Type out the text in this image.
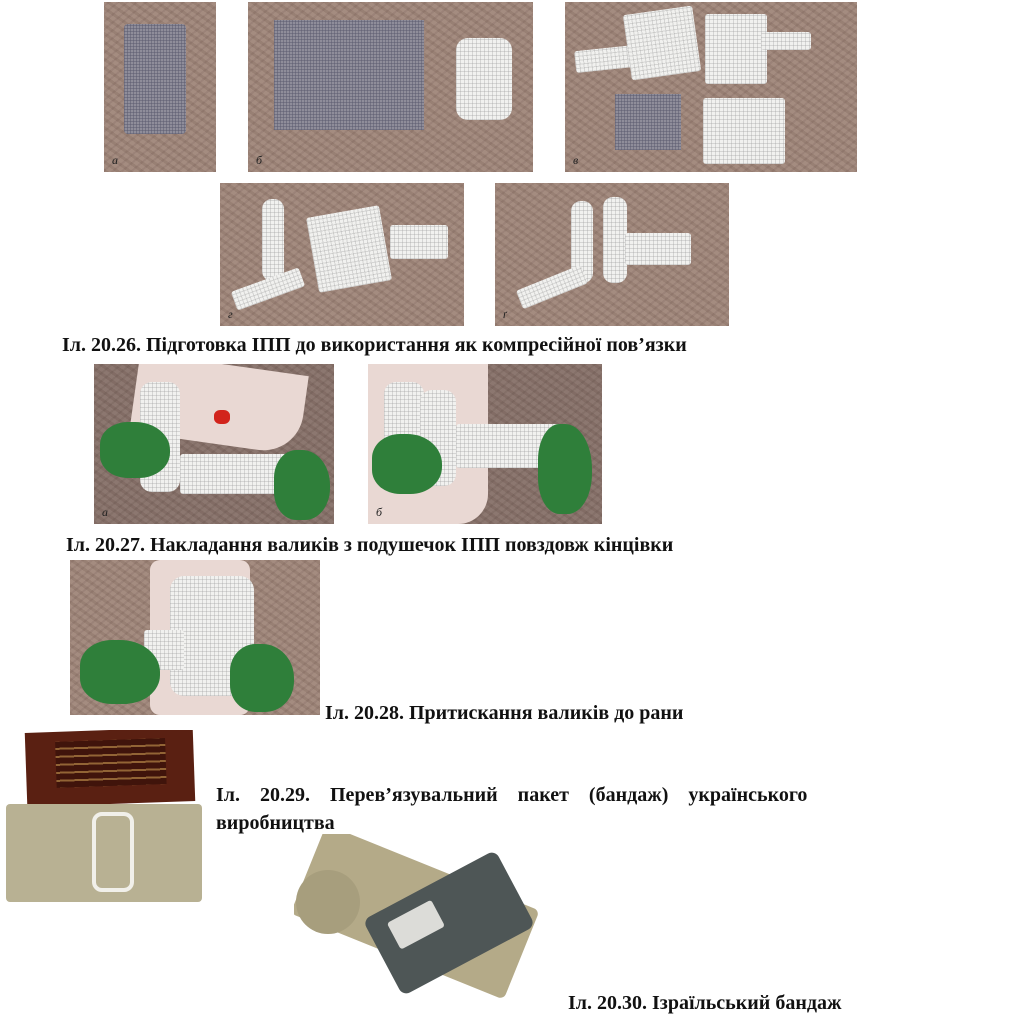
а	б	в
г	ґ
Іл. 20.26. Підготовка ІПП до використання як компресійної пов’язки
а	б
Іл. 20.27. Накладання валиків з подушечок ІПП повздовж кінцівки
Іл. 20.28. Притискання валиків до рани
Іл.    20.29.    Перев’язувальний    пакет    (бандаж)    українського
виробництва
Іл. 20.30. Ізраїльський бандаж
